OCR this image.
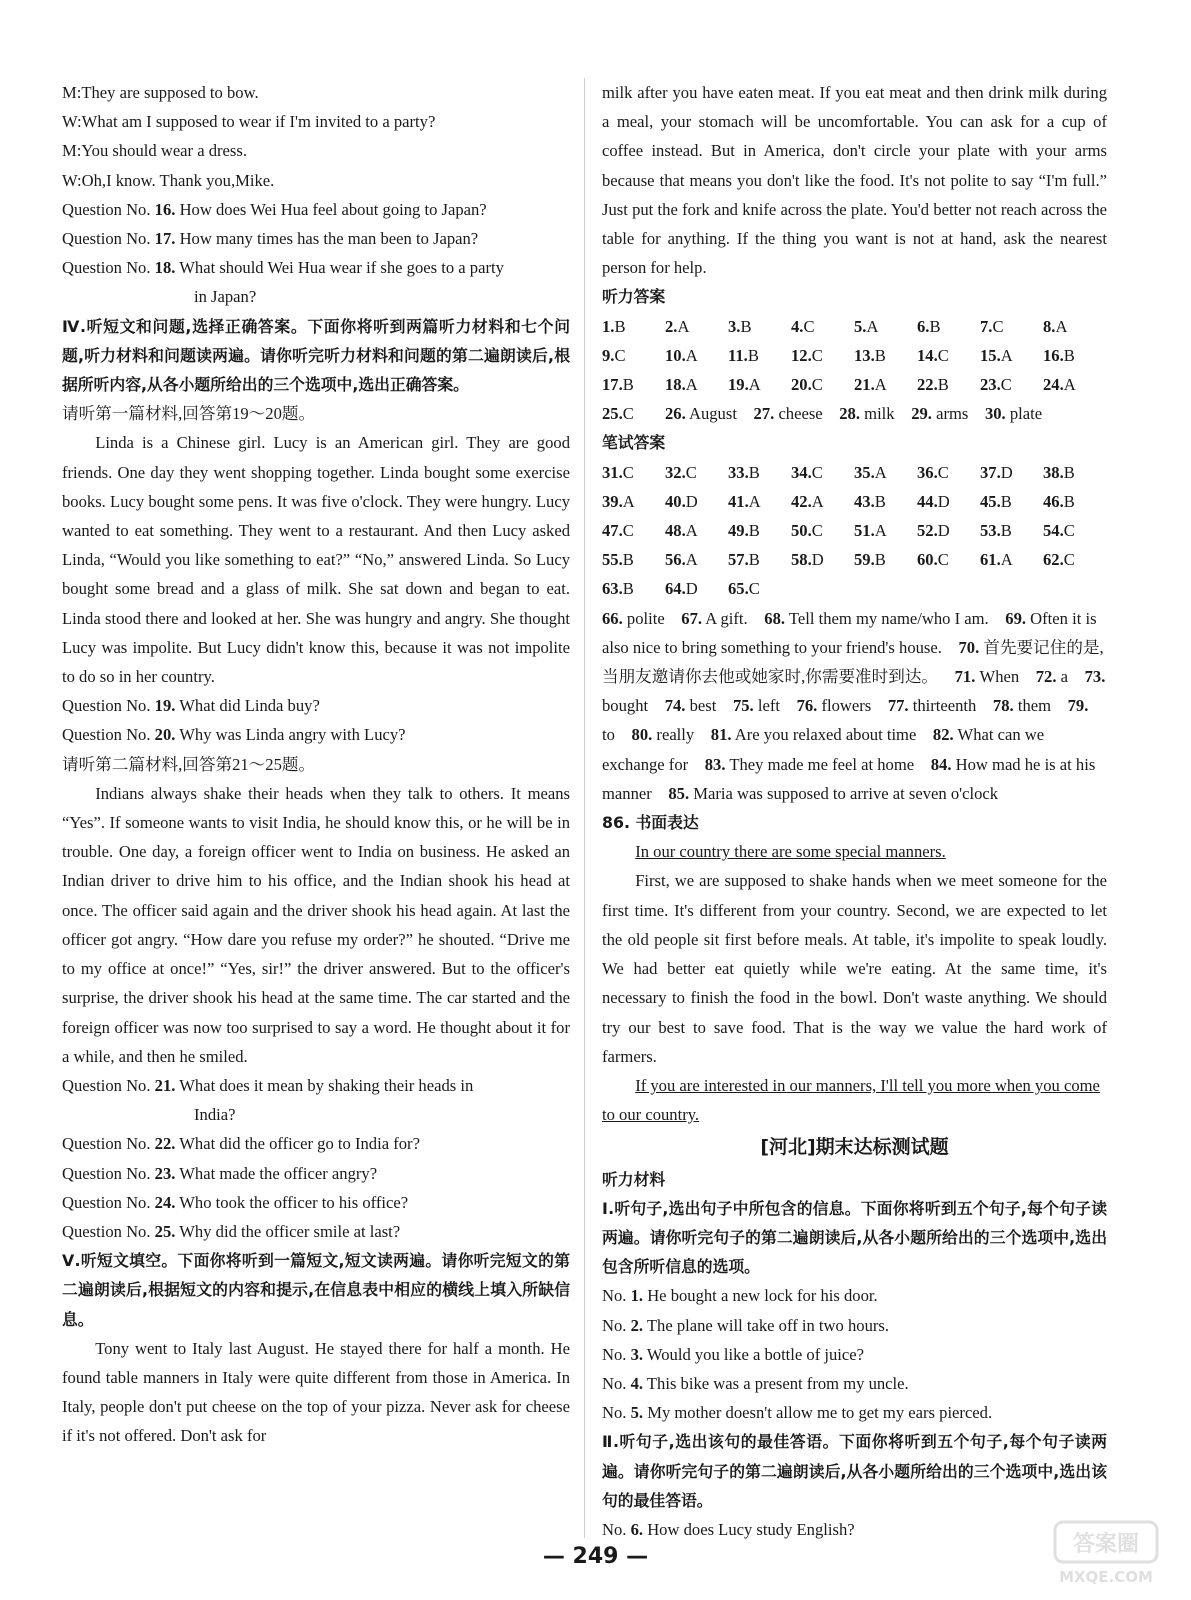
M:They are supposed to bow.

W:What am I supposed to wear if I'm invited to a party?

M:You should wear a dress.

W:Oh,I know. Thank you,Mike.

Question No. 16. How does Wei Hua feel about going to Japan?

Question No. 17. How many times has the man been to Japan?

Question No. 18. What should Wei Hua wear if she goes to a party

in Japan?

Ⅳ.听短文和问题,选择正确答案。下面你将听到两篇听力材料和七个问题,听力材料和问题读两遍。请你听完听力材料和问题的第二遍朗读后,根据所听内容,从各小题所给出的三个选项中,选出正确答案。

请听第一篇材料,回答第19～20题。

Linda is a Chinese girl. Lucy is an American girl. They are good friends. One day they went shopping together. Linda bought some exercise books. Lucy bought some pens. It was five o'clock. They were hungry. Lucy wanted to eat something. They went to a restaurant. And then Lucy asked Linda, “Would you like something to eat?” “No,” answered Linda. So Lucy bought some bread and a glass of milk. She sat down and began to eat. Linda stood there and looked at her. She was hungry and angry. She thought Lucy was impolite. But Lucy didn't know this, because it was not impolite to do so in her country.

Question No. 19. What did Linda buy?

Question No. 20. Why was Linda angry with Lucy?

请听第二篇材料,回答第21～25题。

Indians always shake their heads when they talk to others. It means “Yes”. If someone wants to visit India, he should know this, or he will be in trouble. One day, a foreign officer went to India on business. He asked an Indian driver to drive him to his office, and the Indian shook his head at once. The officer said again and the driver shook his head again. At last the officer got angry. “How dare you refuse my order?” he shouted. “Drive me to my office at once!” “Yes, sir!” the driver answered. But to the officer's surprise, the driver shook his head at the same time. The car started and the foreign officer was now too surprised to say a word. He thought about it for a while, and then he smiled.

Question No. 21. What does it mean by shaking their heads in

India?

Question No. 22. What did the officer go to India for?

Question No. 23. What made the officer angry?

Question No. 24. Who took the officer to his office?

Question No. 25. Why did the officer smile at last?

Ⅴ.听短文填空。下面你将听到一篇短文,短文读两遍。请你听完短文的第二遍朗读后,根据短文的内容和提示,在信息表中相应的横线上填入所缺信息。

Tony went to Italy last August. He stayed there for half a month. He found table manners in Italy were quite different from those in America. In Italy, people don't put cheese on the top of your pizza. Never ask for cheese if it's not offered. Don't ask for

milk after you have eaten meat. If you eat meat and then drink milk during a meal, your stomach will be uncomfortable. You can ask for a cup of coffee instead. But in America, don't circle your plate with your arms because that means you don't like the food. It's not polite to say “I'm full.” Just put the fork and knife across the plate. You'd better not reach across the table for anything. If the thing you want is not at hand, ask the nearest person for help.

听力答案

1.B	2.A	3.B	4.C	5.A	6.B	7.C	8.A
9.C	10.A	11.B	12.C	13.B	14.C	15.A	16.B
17.B	18.A	19.A	20.C	21.A	22.B	23.C	24.A
25.C	26. August  27. cheese  28. milk  29. arms  30. plate 

笔试答案

31.C	32.C	33.B	34.C	35.A	36.C	37.D	38.B
39.A	40.D	41.A	42.A	43.B	44.D	45.B	46.B
47.C	48.A	49.B	50.C	51.A	52.D	53.B	54.C
55.B	56.A	57.B	58.D	59.B	60.C	61.A	62.C
63.B	64.D	65.C
66. polite  67. A gift.  68. Tell them my name/who I am.  69. Often it is also nice to bring something to your friend's house.  70. 首先要记住的是,当朋友邀请你去他或她家时,你需要准时到达。  71. When  72. a  73. bought  74. best  75. left  76. flowers  77. thirteenth  78. them  79. to  80. really  81. Are you relaxed about time  82. What can we exchange for  83. They made me feel at home  84. How mad he is at his manner  85. Maria was supposed to arrive at seven o'clock 

86. 书面表达

In our country there are some special manners.

First, we are supposed to shake hands when we meet someone for the first time. It's different from your country. Second, we are expected to let the old people sit first before meals. At table, it's impolite to speak loudly. We had better eat quietly while we're eating. At the same time, it's necessary to finish the food in the bowl. Don't waste anything. We should try our best to save food. That is the way we value the hard work of farmers.

If you are interested in our manners, I'll tell you more when you come to our country.

[河北]期末达标测试题

听力材料

Ⅰ.听句子,选出句子中所包含的信息。下面你将听到五个句子,每个句子读两遍。请你听完句子的第二遍朗读后,从各小题所给出的三个选项中,选出包含所听信息的选项。

No. 1. He bought a new lock for his door.

No. 2. The plane will take off in two hours.

No. 3. Would you like a bottle of juice?

No. 4. This bike was a present from my uncle.

No. 5. My mother doesn't allow me to get my ears pierced.

Ⅱ.听句子,选出该句的最佳答语。下面你将听到五个句子,每个句子读两遍。请你听完句子的第二遍朗读后,从各小题所给出的三个选项中,选出该句的最佳答语。

No. 6. How does Lucy study English?

— 249 —	答案圈
MXQE.COM
